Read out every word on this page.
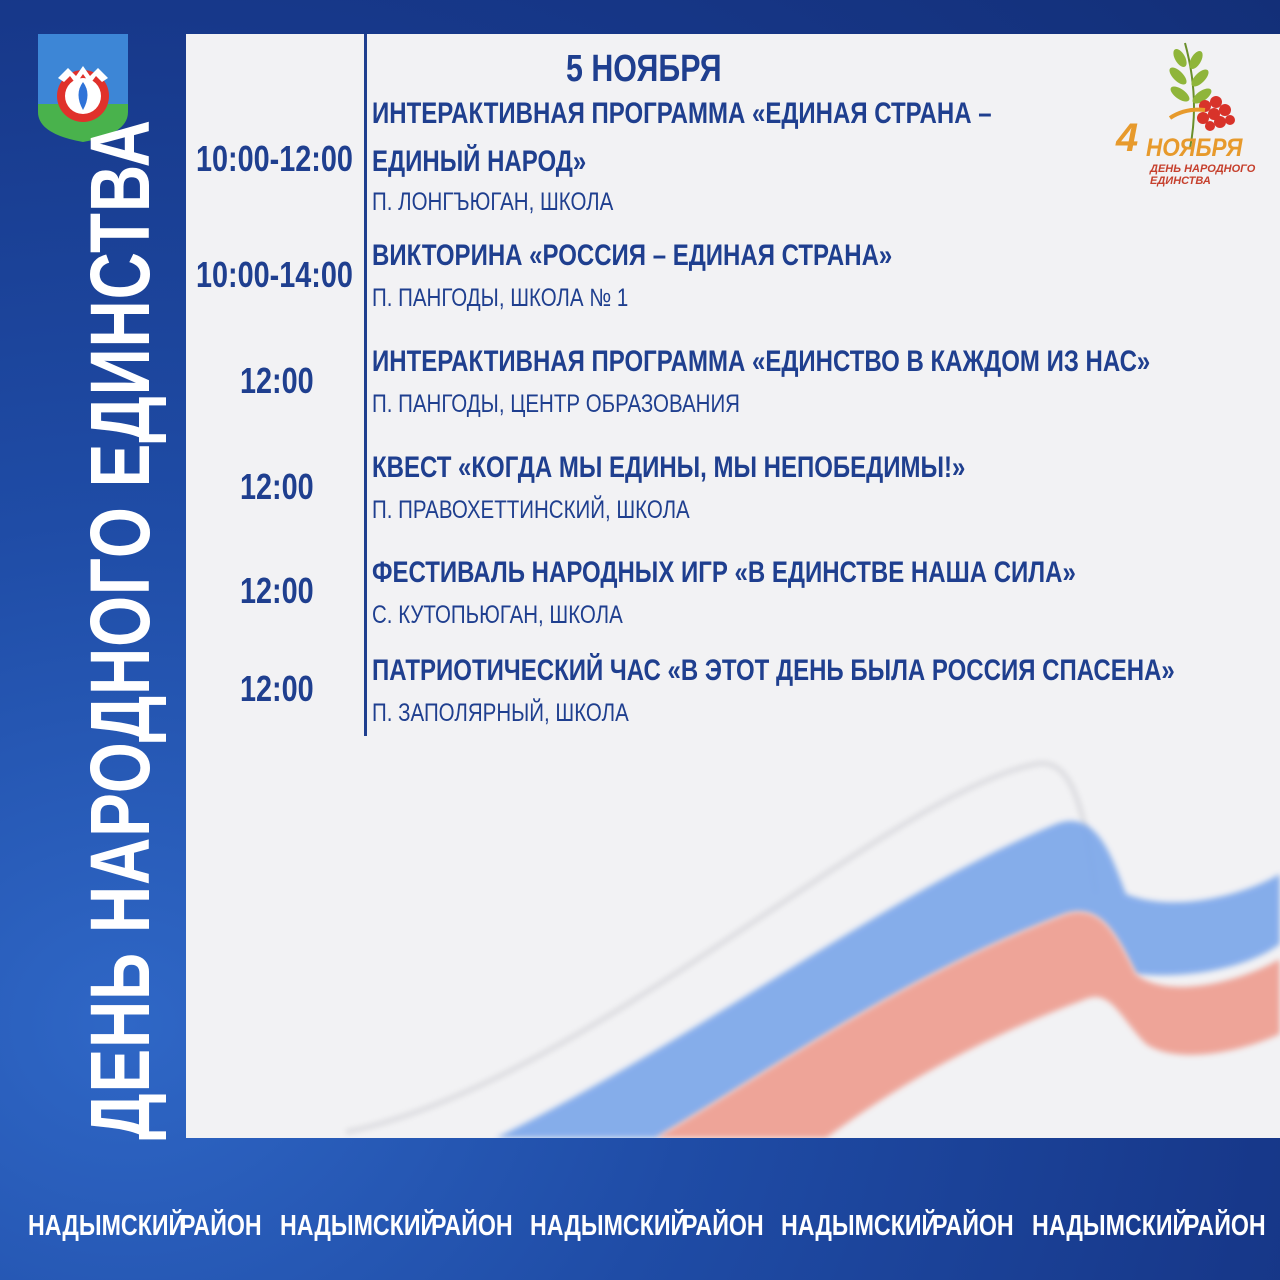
ДЕНЬ НАРОДНОГО ЕДИНСТВА
5 НОЯБРЯ
4 НОЯБРЯ
ДЕНЬ НАРОДНОГО ЕДИНСТВА
10:00-12:00
ИНТЕРАКТИВНАЯ ПРОГРАММА «ЕДИНАЯ СТРАНА –
ЕДИНЫЙ НАРОД»
П. ЛОНГЪЮГАН, ШКОЛА
10:00-14:00 ВИКТОРИНА «РОССИЯ – ЕДИНАЯ СТРАНА»
П. ПАНГОДЫ, ШКОЛА № 1
12:00 ИНТЕРАКТИВНАЯ ПРОГРАММА «ЕДИНСТВО В КАЖДОМ ИЗ НАС»
П. ПАНГОДЫ, ЦЕНТР ОБРАЗОВАНИЯ
12:00 КВЕСТ «КОГДА МЫ ЕДИНЫ, МЫ НЕПОБЕДИМЫ!»
П. ПРАВОХЕТТИНСКИЙ, ШКОЛА
12:00 ФЕСТИВАЛЬ НАРОДНЫХ ИГР «В ЕДИНСТВЕ НАША СИЛА»
С. КУТОПЬЮГАН, ШКОЛА
12:00 ПАТРИОТИЧЕСКИЙ ЧАС «В ЭТОТ ДЕНЬ БЫЛА РОССИЯ СПАСЕНА»
П. ЗАПОЛЯРНЫЙ, ШКОЛА
НАДЫМСКИЙ
РАЙОН НАДЫМСКИЙ
РАЙОН НАДЫМСКИЙ
РАЙОН НАДЫМСКИЙ
РАЙОН НАДЫМСКИЙ
РАЙОН
